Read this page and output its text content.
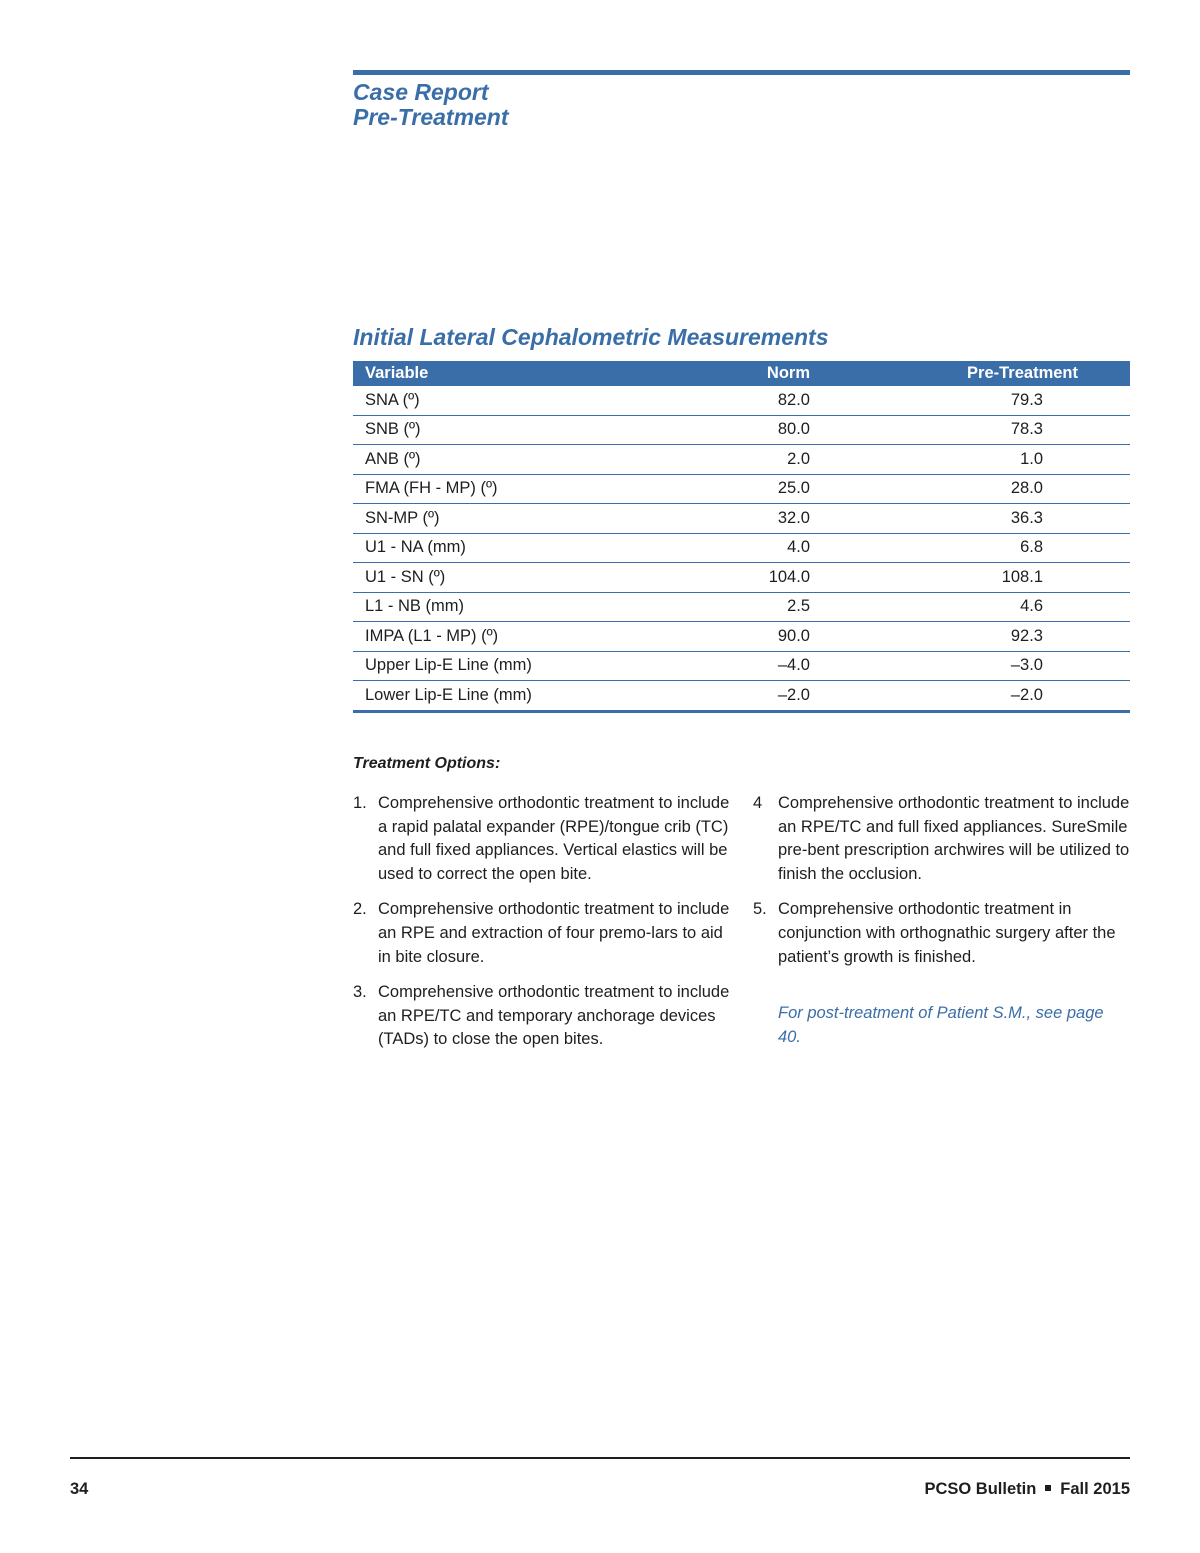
Case Report
Pre-Treatment
Initial Lateral Cephalometric Measurements
Variable	Norm	Pre-Treatment
SNA (º)	82.0	79.3
SNB (º)	80.0	78.3
ANB (º)	2.0	1.0
FMA (FH - MP) (º)	25.0	28.0
SN-MP (º)	32.0	36.3
U1 - NA (mm)	4.0	6.8
U1 - SN (º)	104.0	108.1
L1 - NB (mm)	2.5	4.6
IMPA (L1 - MP) (º)	90.0	92.3
Upper Lip-E Line (mm)	–4.0	–3.0
Lower Lip-E Line (mm)	–2.0	–2.0
Treatment Options:
1. Comprehensive orthodontic treatment to include a rapid palatal expander (RPE)/tongue crib (TC) and full fixed appliances. Vertical elastics will be used to correct the open bite.
2. Comprehensive orthodontic treatment to include an RPE and extraction of four premo-lars to aid in bite closure.
3. Comprehensive orthodontic treatment to include an RPE/TC and temporary anchorage devices (TADs) to close the open bites.
4 Comprehensive orthodontic treatment to include an RPE/TC and full fixed appliances. SureSmile pre-bent prescription archwires will be utilized to finish the occlusion.
5. Comprehensive orthodontic treatment in conjunction with orthognathic surgery after the patient’s growth is finished.
For post-treatment of Patient S.M., see page 40.
34	PCSO Bulletin Fall 2015
